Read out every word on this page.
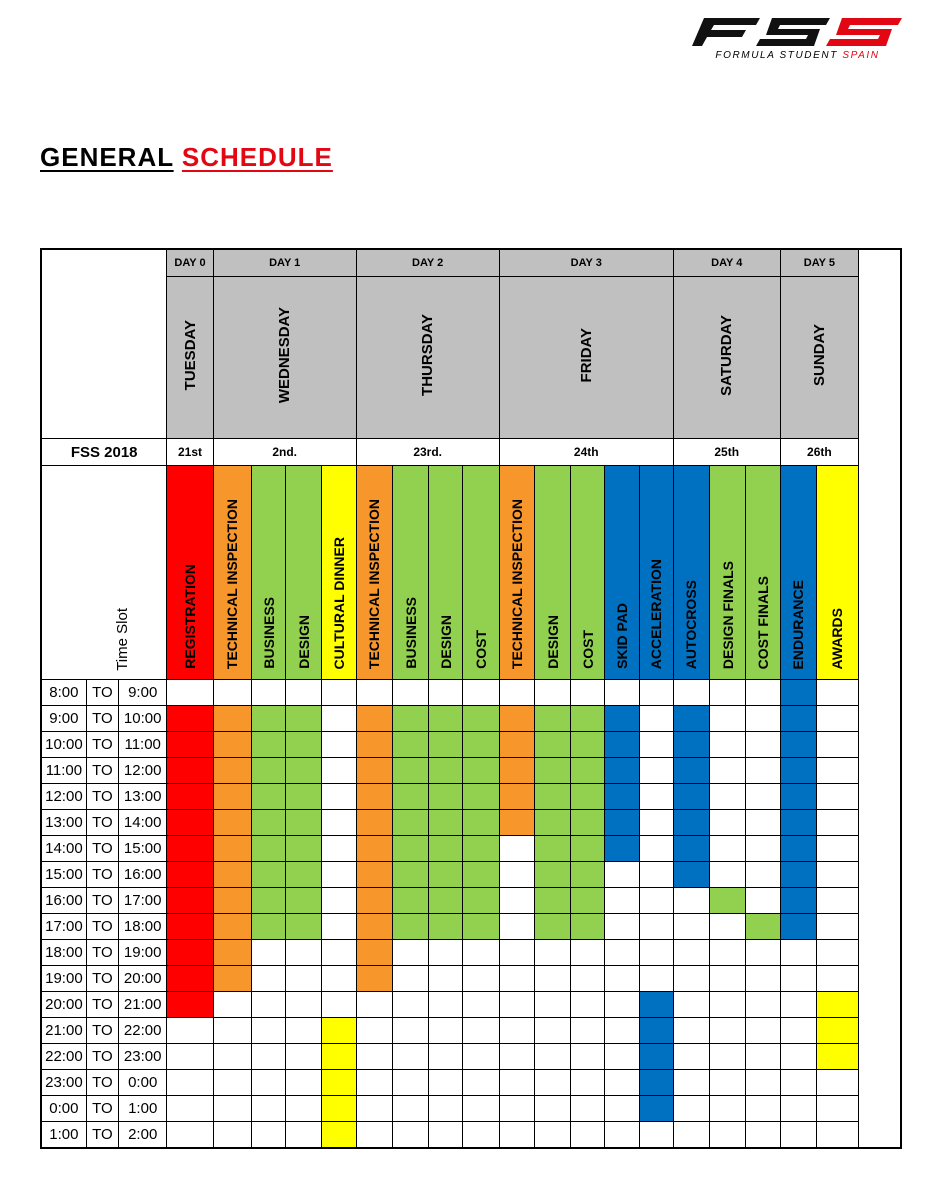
FORMULA STUDENT SPAIN
GENERAL SCHEDULE
			DAY 0	DAY 1				DAY 2				DAY 3					DAY 4			DAY 5	
			TUESDAY	WEDNESDAY				THURSDAY				FRIDAY					SATURDAY			SUNDAY	
FSS 2018			21st	2nd.				23rd.				24th					25th			26th	

Time Slot			REGISTRATION	TECHNICAL INSPECTION	BUSINESS	DESIGN	CULTURAL DINNER	TECHNICAL INSPECTION	BUSINESS	DESIGN	COST	TECHNICAL INSPECTION	DESIGN	COST	SKID PAD	ACCELERATION	AUTOCROSS	DESIGN FINALS	COST FINALS	ENDURANCE	AWARDS
8:00	TO	9:00																			
9:00	TO	10:00																			
10:00	TO	11:00																			
11:00	TO	12:00																			
12:00	TO	13:00																			
13:00	TO	14:00																			
14:00	TO	15:00																			
15:00	TO	16:00																			
16:00	TO	17:00																			
17:00	TO	18:00																			
18:00	TO	19:00																			
19:00	TO	20:00																			
20:00	TO	21:00																			
21:00	TO	22:00																			
22:00	TO	23:00																			
23:00	TO	0:00																			
0:00	TO	1:00																			
1:00	TO	2:00																			
